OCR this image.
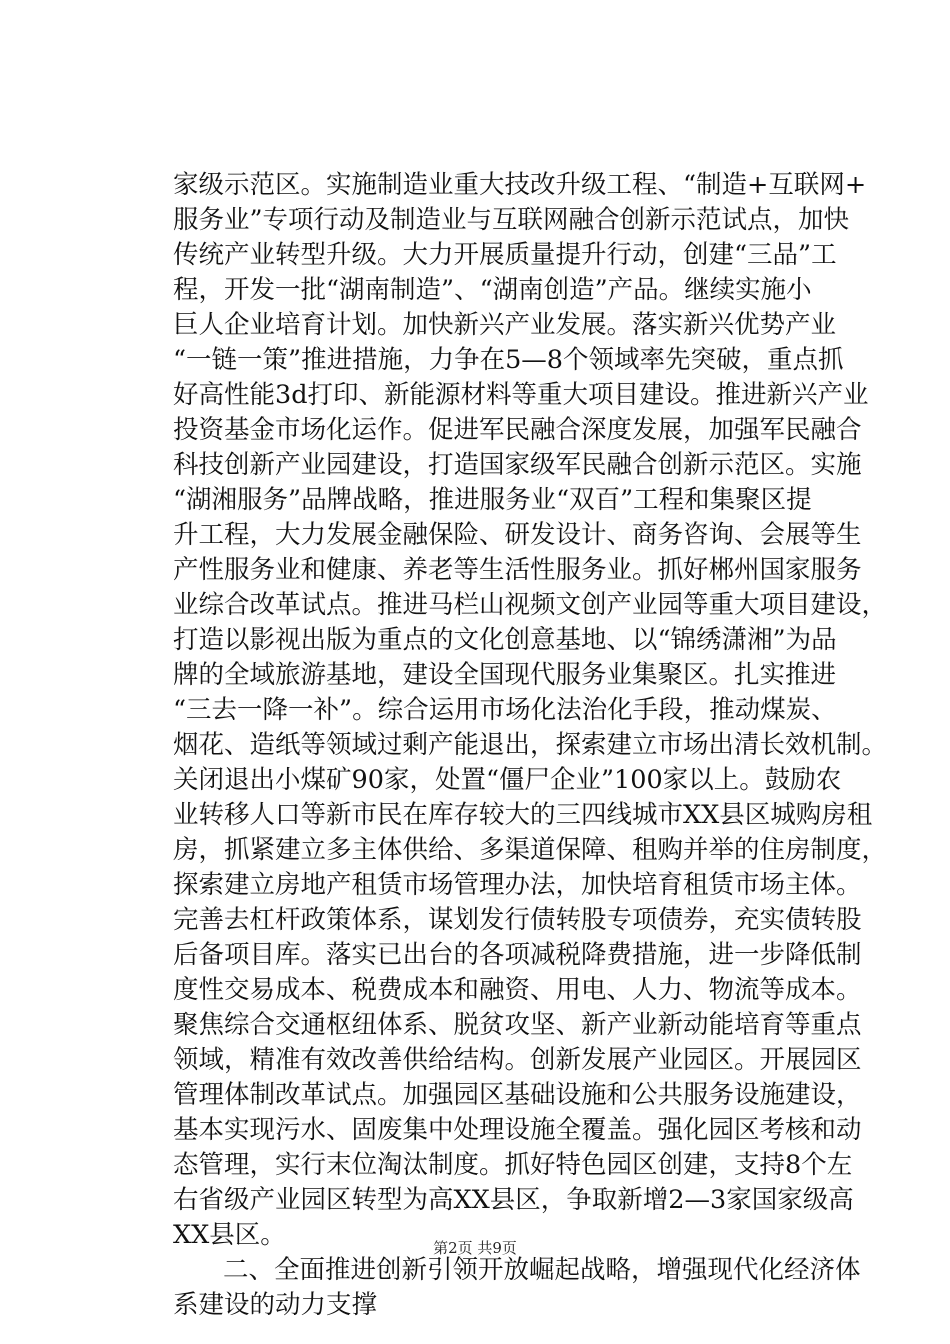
家级示范区。实施制造业重大技改升级工程、“制造+互联网+
服务业”专项行动及制造业与互联网融合创新示范试点，加快
传统产业转型升级。大力开展质量提升行动，创建“三品”工
程，开发一批“湖南制造”、“湖南创造”产品。继续实施小
巨人企业培育计划。加快新兴产业发展。落实新兴优势产业
“一链一策”推进措施，力争在5—8个领域率先突破，重点抓
好高性能3d打印、新能源材料等重大项目建设。推进新兴产业
投资基金市场化运作。促进军民融合深度发展，加强军民融合
科技创新产业园建设，打造国家级军民融合创新示范区。实施
“湖湘服务”品牌战略，推进服务业“双百”工程和集聚区提
升工程，大力发展金融保险、研发设计、商务咨询、会展等生
产性服务业和健康、养老等生活性服务业。抓好郴州国家服务
业综合改革试点。推进马栏山视频文创产业园等重大项目建设，
打造以影视出版为重点的文化创意基地、以“锦绣潇湘”为品
牌的全域旅游基地，建设全国现代服务业集聚区。扎实推进
“三去一降一补”。综合运用市场化法治化手段，推动煤炭、
烟花、造纸等领域过剩产能退出，探索建立市场出清长效机制。
关闭退出小煤矿90家，处置“僵尸企业”100家以上。鼓励农
业转移人口等新市民在库存较大的三四线城市XX县区城购房租
房，抓紧建立多主体供给、多渠道保障、租购并举的住房制度，
探索建立房地产租赁市场管理办法，加快培育租赁市场主体。
完善去杠杆政策体系，谋划发行债转股专项债券，充实债转股
后备项目库。落实已出台的各项减税降费措施，进一步降低制
度性交易成本、税费成本和融资、用电、人力、物流等成本。
聚焦综合交通枢纽体系、脱贫攻坚、新产业新动能培育等重点
领域，精准有效改善供给结构。创新发展产业园区。开展园区
管理体制改革试点。加强园区基础设施和公共服务设施建设，
基本实现污水、固废集中处理设施全覆盖。强化园区考核和动
态管理，实行末位淘汰制度。抓好特色园区创建，支持8个左
右省级产业园区转型为高XX县区，争取新增2—3家国家级高
XX县区。
二、全面推进创新引领开放崛起战略，增强现代化经济体
系建设的动力支撑
第2页 共9页
